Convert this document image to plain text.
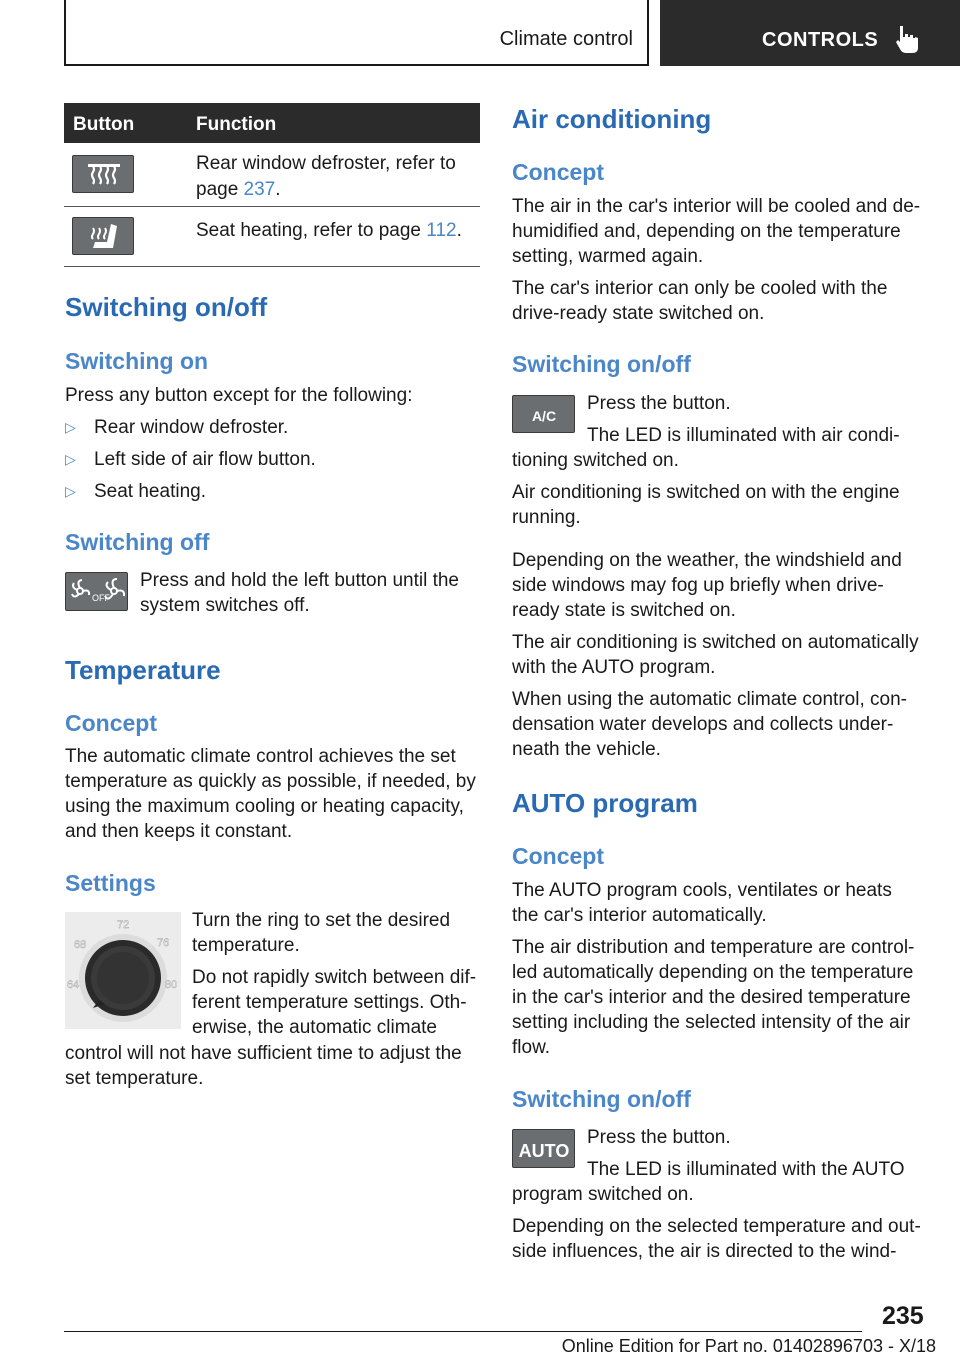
Climate control	CONTROLS
Button	Function
Rear window defroster, refer to page 237.
Seat heating, refer to page 112.
Switching on/off
Switching on
Press any button except for the following:
▷ Rear window defroster.
▷ Left side of air flow button.
▷ Seat heating.
Switching off
OFF
Press and hold the left button until the
system switches off.
Temperature
Concept
The automatic climate control achieves the set
temperature as quickly as possible, if needed, by
using the maximum cooling or heating capacity,
and then keeps it constant.
Settings
64
68
72
76
80
Turn the ring to set the desired
temperature.
Do not rapidly switch between dif-
ferent temperature settings. Oth-
erwise, the automatic climate
control will not have sufficient time to adjust the
set temperature.
Air conditioning
Concept
The air in the car's interior will be cooled and de-
humidified and, depending on the temperature
setting, warmed again.
The car's interior can only be cooled with the
drive-ready state switched on.
Switching on/off
A/C
Press the button.
The LED is illuminated with air condi-
tioning switched on.
Air conditioning is switched on with the engine
running.
Depending on the weather, the windshield and
side windows may fog up briefly when drive-
ready state is switched on.
The air conditioning is switched on automatically
with the AUTO program.
When using the automatic climate control, con-
densation water develops and collects under-
neath the vehicle.
AUTO program
Concept
The AUTO program cools, ventilates or heats
the car's interior automatically.
The air distribution and temperature are control-
led automatically depending on the temperature
in the car's interior and the desired temperature
setting including the selected intensity of the air
flow.
Switching on/off
AUTO
Press the button.
The LED is illuminated with the AUTO
program switched on.
Depending on the selected temperature and out-
side influences, the air is directed to the wind-
235
Online Edition for Part no. 01402896703 - X/18
